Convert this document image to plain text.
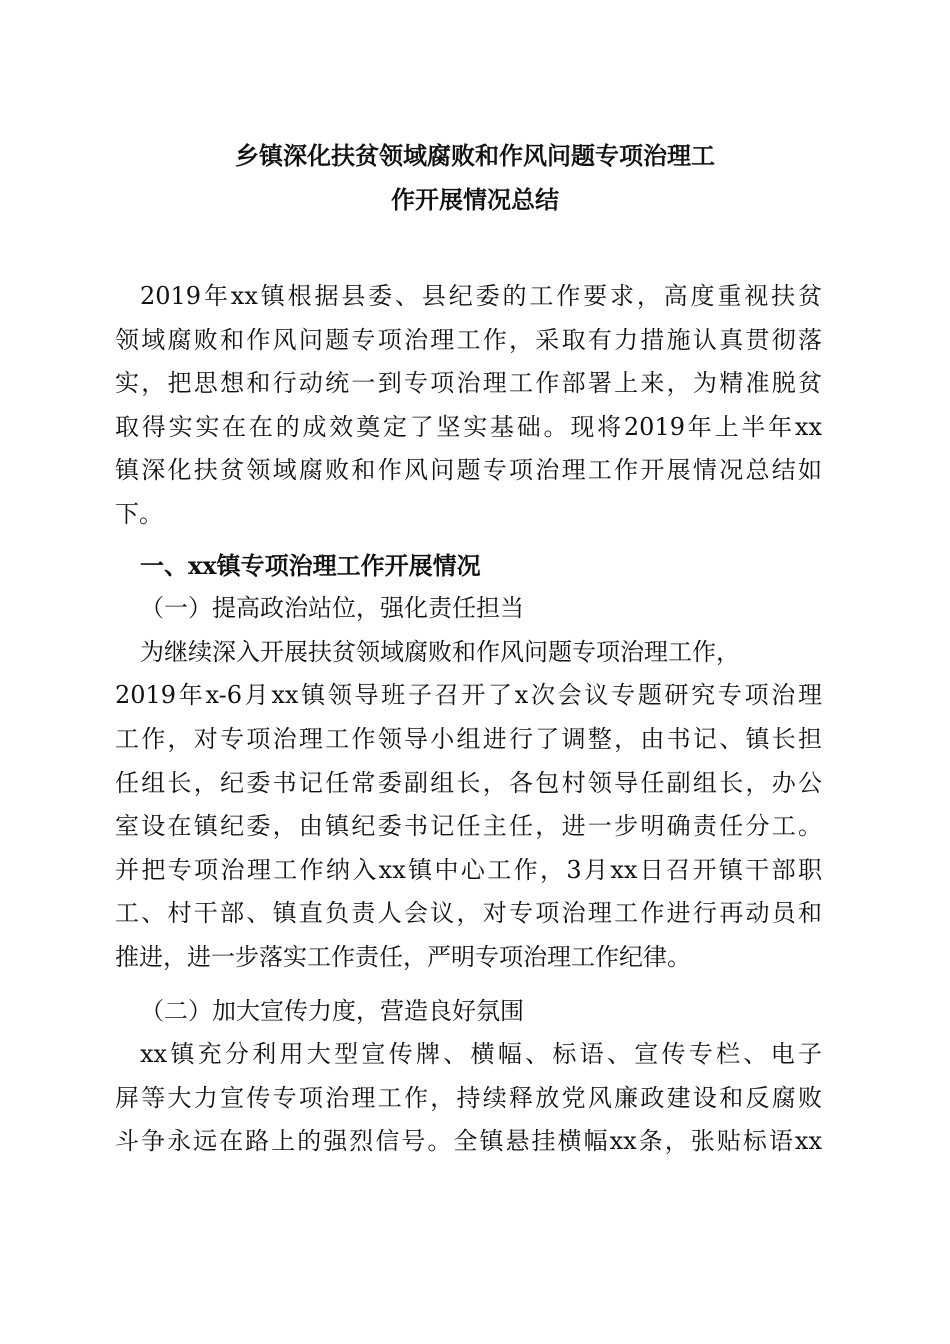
乡镇深化扶贫领域腐败和作风问题专项治理工
作开展情况总结
2019年xx镇根据县委、县纪委的工作要求，高度重视扶贫
领域腐败和作风问题专项治理工作，采取有力措施认真贯彻落
实，把思想和行动统一到专项治理工作部署上来，为精准脱贫
取得实实在在的成效奠定了坚实基础。现将2019年上半年xx
镇深化扶贫领域腐败和作风问题专项治理工作开展情况总结如
下。
一、xx镇专项治理工作开展情况
（一）提高政治站位，强化责任担当
为继续深入开展扶贫领域腐败和作风问题专项治理工作，
2019年x-6月xx镇领导班子召开了x次会议专题研究专项治理
工作，对专项治理工作领导小组进行了调整，由书记、镇长担
任组长，纪委书记任常委副组长，各包村领导任副组长，办公
室设在镇纪委，由镇纪委书记任主任，进一步明确责任分工。
并把专项治理工作纳入xx镇中心工作，3月xx日召开镇干部职
工、村干部、镇直负责人会议，对专项治理工作进行再动员和
推进，进一步落实工作责任，严明专项治理工作纪律。
（二）加大宣传力度，营造良好氛围
xx镇充分利用大型宣传牌、横幅、标语、宣传专栏、电子
屏等大力宣传专项治理工作，持续释放党风廉政建设和反腐败
斗争永远在路上的强烈信号。全镇悬挂横幅xx条，张贴标语xx
